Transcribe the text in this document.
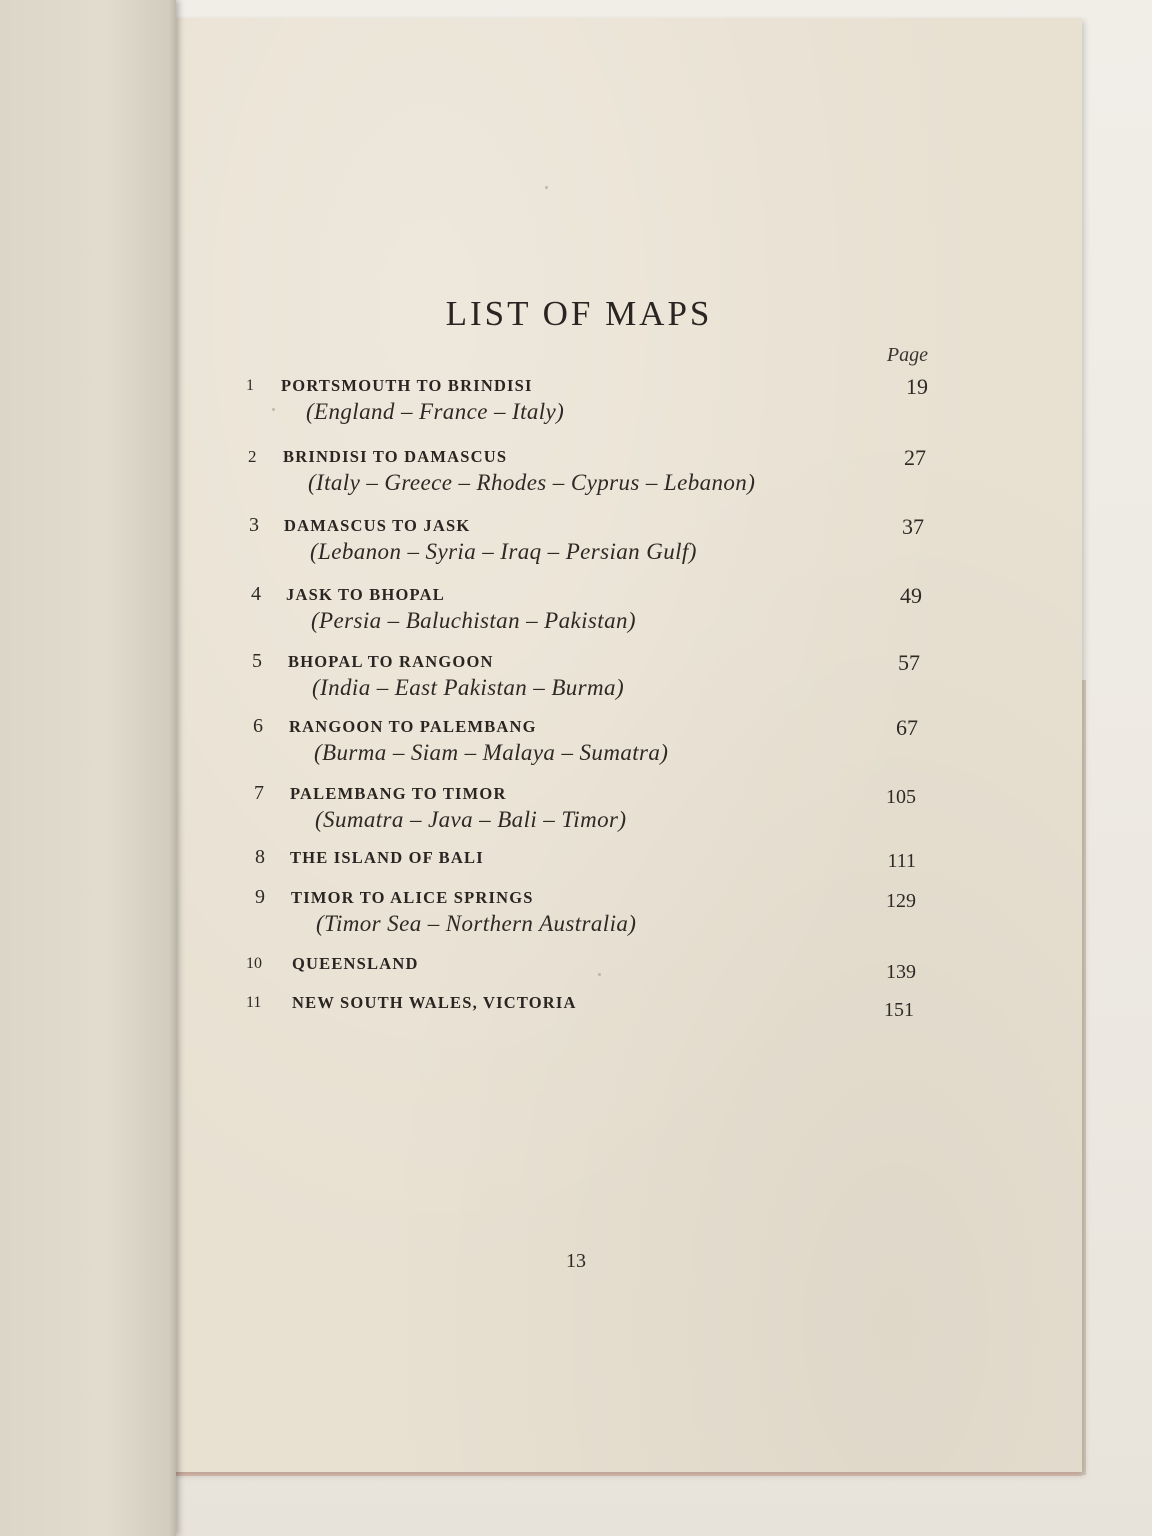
LIST OF MAPS
Page
1 PORTSMOUTH TO BRINDISI
(England – France – Italy)
19
2 BRINDISI TO DAMASCUS
(Italy – Greece – Rhodes – Cyprus – Lebanon)
27
3 DAMASCUS TO JASK
(Lebanon – Syria – Iraq – Persian Gulf)
37
4 JASK TO BHOPAL
(Persia – Baluchistan – Pakistan)
49
5 BHOPAL TO RANGOON
(India – East Pakistan – Burma)
57
6 RANGOON TO PALEMBANG
(Burma – Siam – Malaya – Sumatra)
67
7 PALEMBANG TO TIMOR
(Sumatra – Java – Bali – Timor)
105
8 THE ISLAND OF BALI	111
9 TIMOR TO ALICE SPRINGS
(Timor Sea – Northern Australia)
129
10 QUEENSLAND	139
11 NEW SOUTH WALES, VICTORIA	151
13
